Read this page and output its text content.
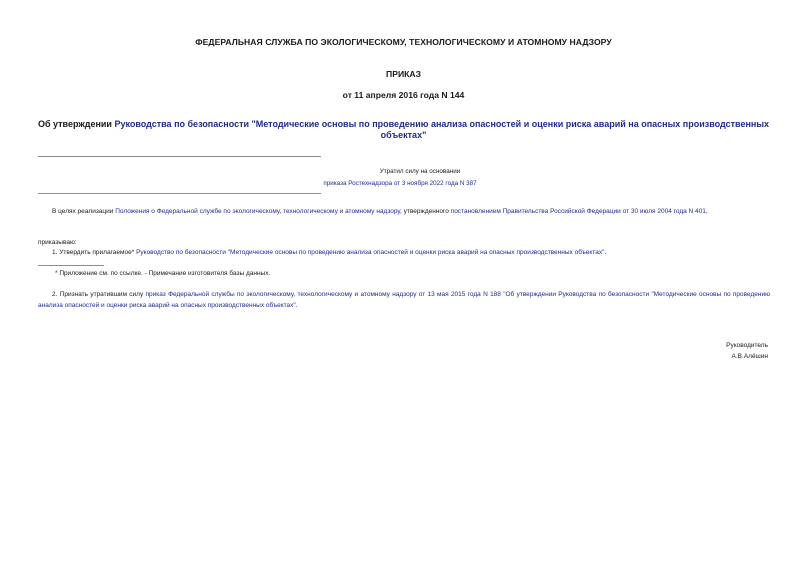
ФЕДЕРАЛЬНАЯ СЛУЖБА ПО ЭКОЛОГИЧЕСКОМУ, ТЕХНОЛОГИЧЕСКОМУ И АТОМНОМУ НАДЗОРУ
ПРИКАЗ
от 11 апреля 2016 года N 144
Об утверждении Руководства по безопасности "Методические основы по проведению анализа опасностей и оценки риска аварий на опасных производственных объектах"
Утратил силу на основании
приказа Ростехнадзора от 3 ноября 2022 года N 387
В целях реализации Положения о Федеральной службе по экологическому, технологическому и атомному надзору, утвержденного постановлением Правительства Российской Федерации от 30 июля 2004 года N 401,
приказываю:
1. Утвердить прилагаемое* Руководство по безопасности "Методические основы по проведению анализа опасностей и оценки риска аварий на опасных производственных объектах".
* Приложение см. по ссылке. - Примечание изготовителя базы данных.
2. Признать утратившим силу приказ Федеральной службы по экологическому, технологическому и атомному надзору от 13 мая 2015 года N 188 "Об утверждении Руководства по безопасности "Методические основы по проведению анализа опасностей и оценки риска аварий на опасных производственных объектах".
Руководитель
А.В.Алёшин
